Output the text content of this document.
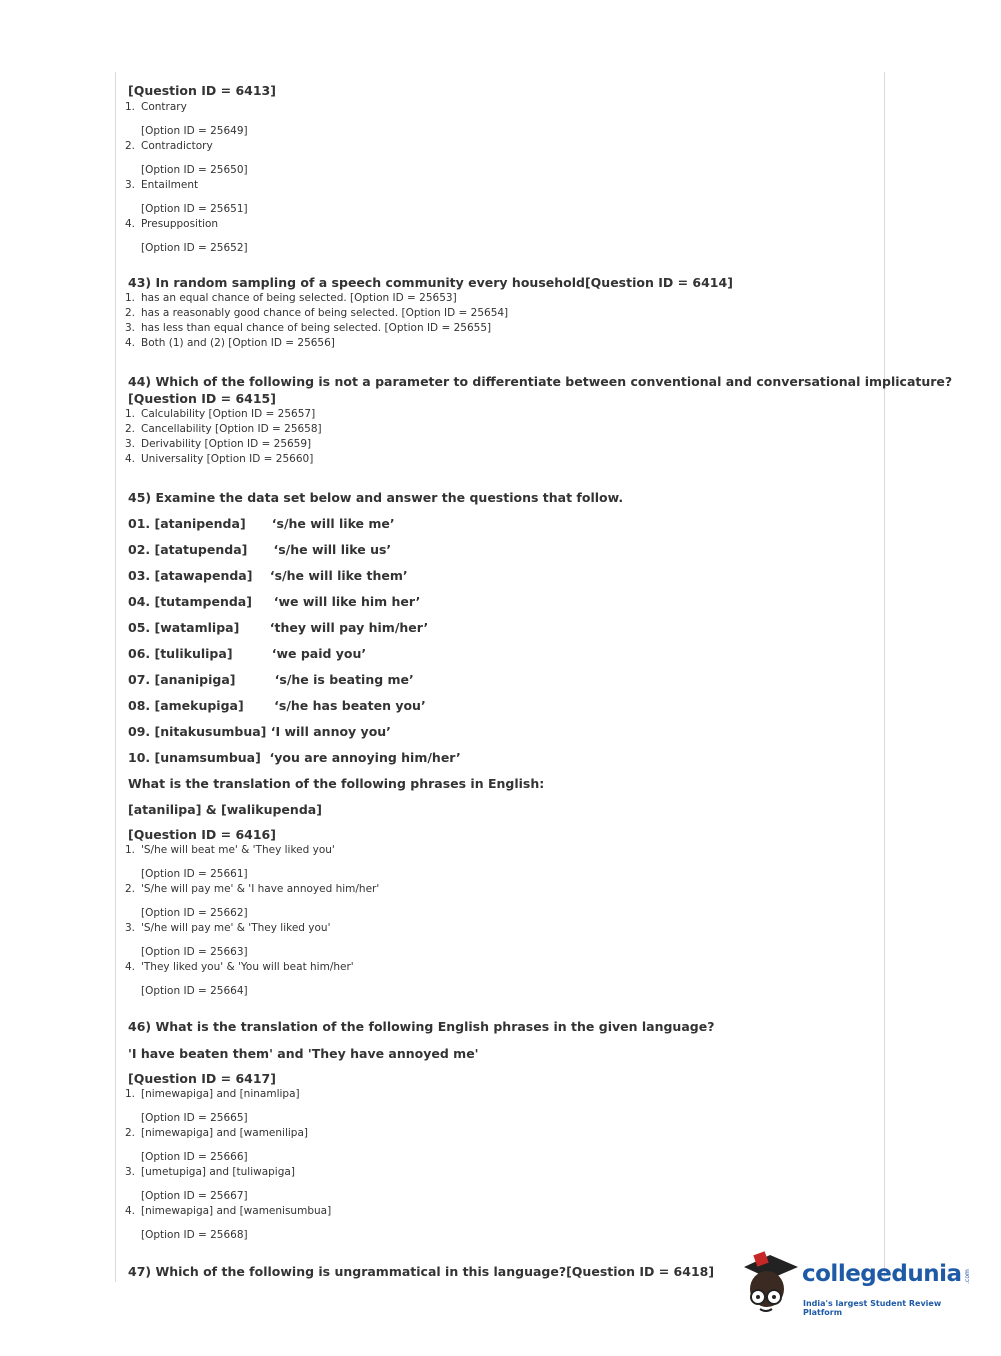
[Question ID = 6413]
1. Contrary
[Option ID = 25649]
2. Contradictory
[Option ID = 25650]
3. Entailment
[Option ID = 25651]
4. Presupposition
[Option ID = 25652]
43) In random sampling of a speech community every household[Question ID = 6414]
1. has an equal chance of being selected. [Option ID = 25653]
2. has a reasonably good chance of being selected. [Option ID = 25654]
3. has less than equal chance of being selected. [Option ID = 25655]
4. Both (1) and (2) [Option ID = 25656]
44) Which of the following is not a parameter to differentiate between conventional and conversational implicature?
[Question ID = 6415]
1. Calculability [Option ID = 25657]
2. Cancellability [Option ID = 25658]
3. Derivability [Option ID = 25659]
4. Universality [Option ID = 25660]
45) Examine the data set below and answer the questions that follow.
01. [atanipenda]      ‘s/he will like me’
02. [atatupenda]      ‘s/he will like us’
03. [atawapenda]    ‘s/he will like them’
04. [tutampenda]     ‘we will like him her’
05. [watamlipa]       ‘they will pay him/her’
06. [tulikulipa]         ‘we paid you’
07. [ananipiga]         ‘s/he is beating me’
08. [amekupiga]       ‘s/he has beaten you’
09. [nitakusumbua] ‘I will annoy you’
10. [unamsumbua]  ‘you are annoying him/her’
What is the translation of the following phrases in English:
[atanilipa] & [walikupenda]
[Question ID = 6416]
1. 'S/he will beat me' & 'They liked you'
[Option ID = 25661]
2. 'S/he will pay me' & 'I have annoyed him/her'
[Option ID = 25662]
3. 'S/he will pay me' & 'They liked you'
[Option ID = 25663]
4. 'They liked you' & 'You will beat him/her'
[Option ID = 25664]
46) What is the translation of the following English phrases in the given language?
'I have beaten them' and 'They have annoyed me'
[Question ID = 6417]
1. [nimewapiga] and [ninamlipa]
[Option ID = 25665]
2. [nimewapiga] and [wamenilipa]
[Option ID = 25666]
3. [umetupiga] and [tuliwapiga]
[Option ID = 25667]
4. [nimewapiga] and [wamenisumbua]
[Option ID = 25668]
47) Which of the following is ungrammatical in this language?[Question ID = 6418]	collegedunia .com
India's largest Student Review Platform
